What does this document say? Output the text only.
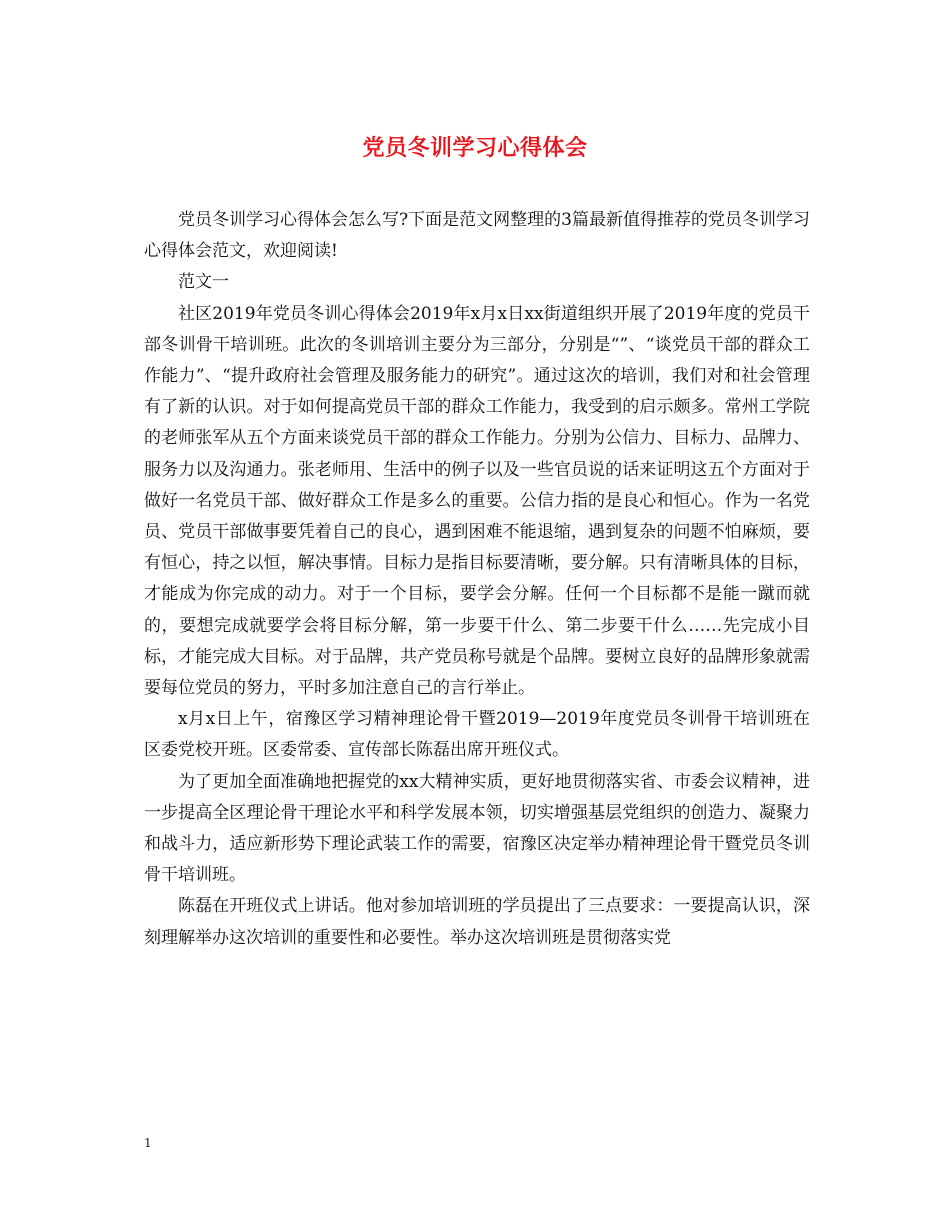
党员冬训学习心得体会

党员冬训学习心得体会怎么写?下面是范文网整理的3篇最新值得推荐的党员冬训学习心得体会范文，欢迎阅读!

范文一

社区2019年党员冬训心得体会2019年x月x日xx街道组织开展了2019年度的党员干部冬训骨干培训班。此次的冬训培训主要分为三部分，分别是“”、“谈党员干部的群众工作能力”、“提升政府社会管理及服务能力的研究”。通过这次的培训，我们对和社会管理有了新的认识。对于如何提高党员干部的群众工作能力，我受到的启示颇多。常州工学院的老师张军从五个方面来谈党员干部的群众工作能力。分别为公信力、目标力、品牌力、服务力以及沟通力。张老师用、生活中的例子以及一些官员说的话来证明这五个方面对于做好一名党员干部、做好群众工作是多么的重要。公信力指的是良心和恒心。作为一名党员、党员干部做事要凭着自己的良心，遇到困难不能退缩，遇到复杂的问题不怕麻烦，要有恒心，持之以恒，解决事情。目标力是指目标要清晰，要分解。只有清晰具体的目标，才能成为你完成的动力。对于一个目标，要学会分解。任何一个目标都不是能一蹴而就的，要想完成就要学会将目标分解，第一步要干什么、第二步要干什么……先完成小目标，才能完成大目标。对于品牌，共产党员称号就是个品牌。要树立良好的品牌形象就需要每位党员的努力，平时多加注意自己的言行举止。

x月x日上午，宿豫区学习精神理论骨干暨2019—2019年度党员冬训骨干培训班在区委党校开班。区委常委、宣传部长陈磊出席开班仪式。

为了更加全面准确地把握党的xx大精神实质，更好地贯彻落实省、市委会议精神，进一步提高全区理论骨干理论水平和科学发展本领，切实增强基层党组织的创造力、凝聚力和战斗力，适应新形势下理论武装工作的需要，宿豫区决定举办精神理论骨干暨党员冬训骨干培训班。

陈磊在开班仪式上讲话。他对参加培训班的学员提出了三点要求：一要提高认识，深刻理解举办这次培训的重要性和必要性。举办这次培训班是贯彻落实党

1
